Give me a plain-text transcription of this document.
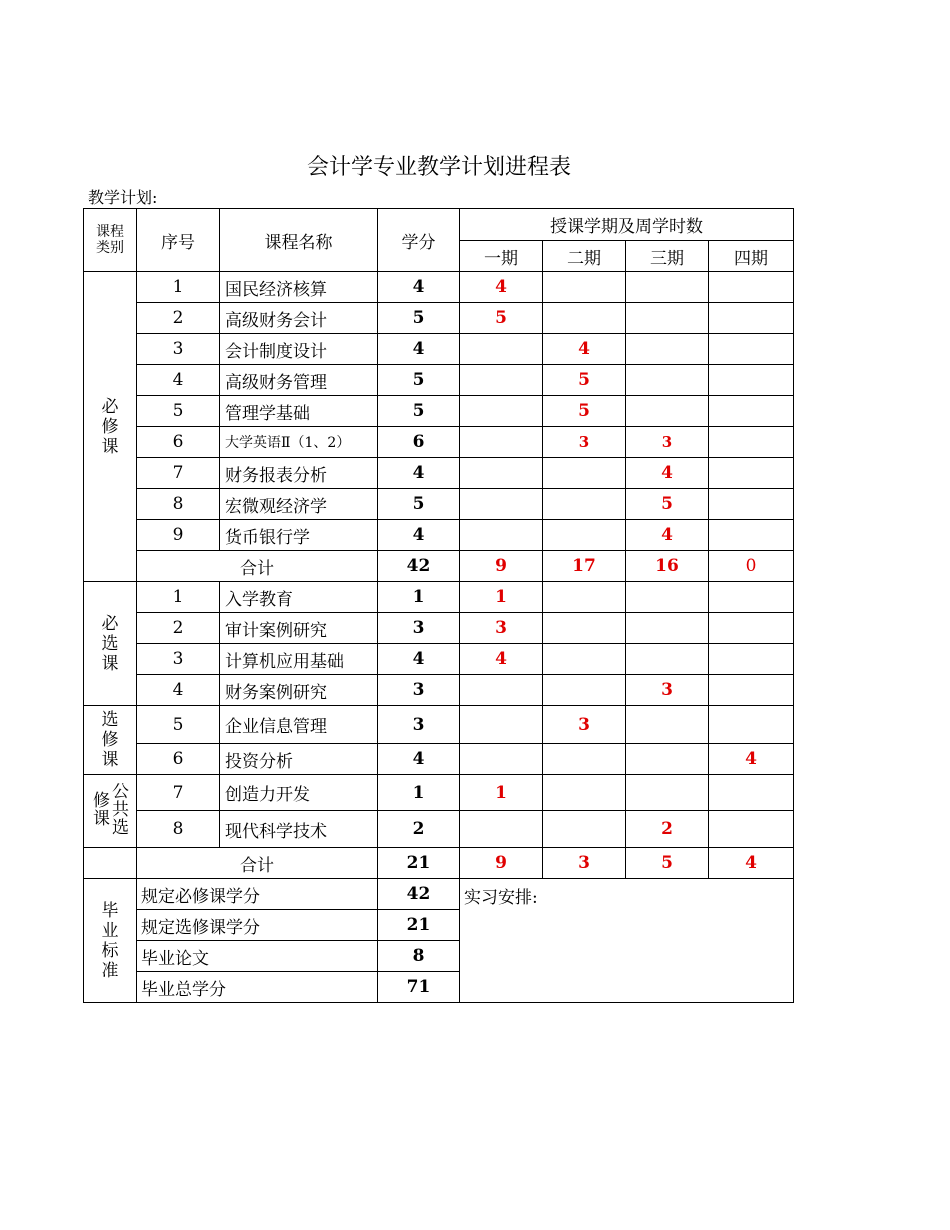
会计学专业教学计划进程表
教学计划:
课程
类别	序号	课程名称	学分	授课学期及周学时数			
				一期	二期	三期	四期
必
修
课	1	国民经济核算	4	4			
	2	高级财务会计	5	5			
	3	会计制度设计	4		4		
	4	高级财务管理	5		5		
	5	管理学基础	5		5		
	6	大学英语Ⅱ（1、2）	6		3	3	
	7	财务报表分析	4			4	
	8	宏微观经济学	5			5	
	9	货币银行学	4			4	
	合计		42	9	17	16	0
必
选
课	1	入学教育	1	1			
	2	审计案例研究	3	3			
	3	计算机应用基础	4	4			
	4	财务案例研究	3			3	
选
修
课	5	企业信息管理	3		3		
	6	投资分析	4				4

公
共
选
修
课	7	创造力开发	1	1			
	8	现代科学技术	2			2	
	合计		21	9	3	5	4
毕
业
标
准	规定必修课学分		42	实习安排:			
	规定选修课学分		21				
	毕业论文		8				
	毕业总学分		71				
